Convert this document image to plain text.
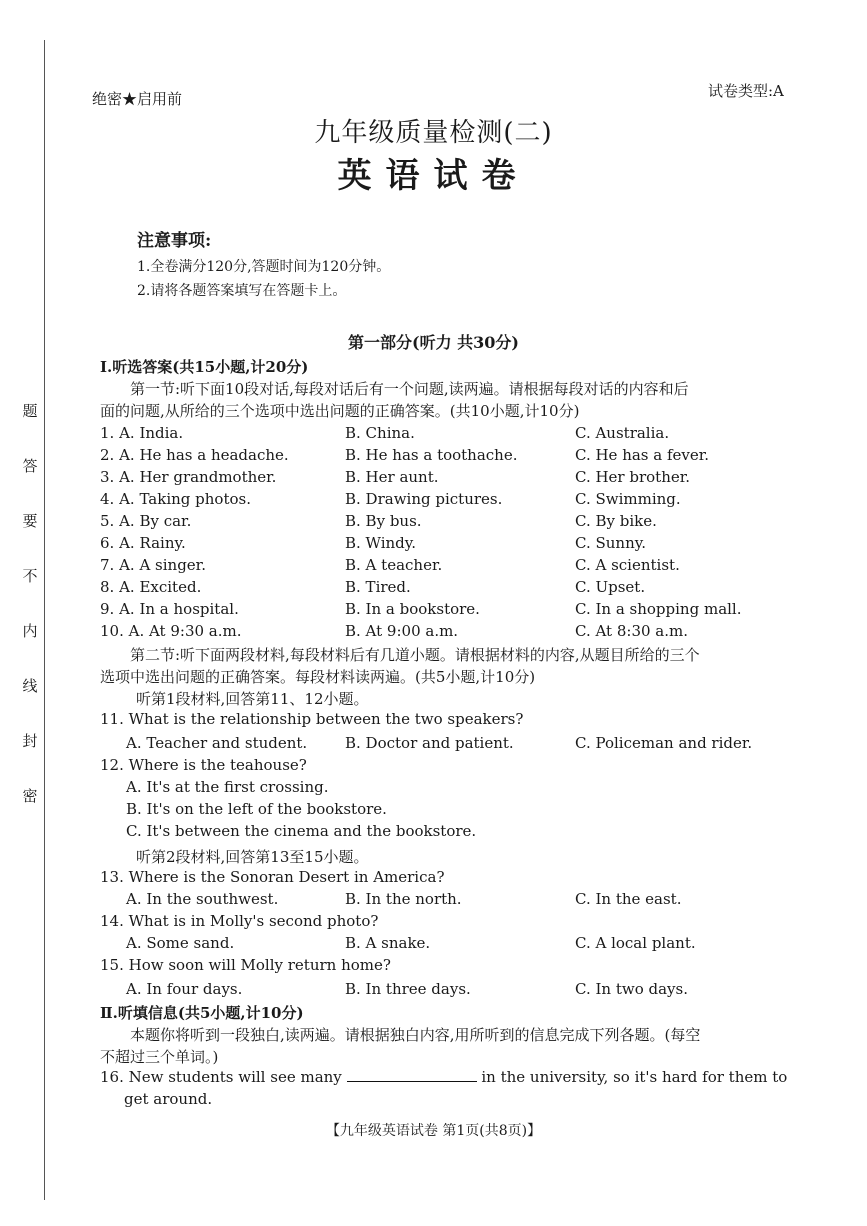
题
答
要
不
内
线
封
密
绝密★启用前	试卷类型:A
九年级质量检测(二)
英语试卷
注意事项:
1.全卷满分120分,答题时间为120分钟。
2.请将各题答案填写在答题卡上。
第一部分(听力 共30分)
Ⅰ.听选答案(共15小题,计20分)
第一节:听下面10段对话,每段对话后有一个问题,读两遍。请根据每段对话的内容和后
面的问题,从所给的三个选项中选出问题的正确答案。(共10小题,计10分)
1. A. India.	B. China.	C. Australia.
2. A. He has a headache.	B. He has a toothache.	C. He has a fever.
3. A. Her grandmother.	B. Her aunt.	C. Her brother.
4. A. Taking photos.	B. Drawing pictures.	C. Swimming.
5. A. By car.	B. By bus.	C. By bike.
6. A. Rainy.	B. Windy.	C. Sunny.
7. A. A singer.	B. A teacher.	C. A scientist.
8. A. Excited.	B. Tired.	C. Upset.
9. A. In a hospital.	B. In a bookstore.	C. In a shopping mall.
10. A. At 9:30 a.m.	B. At 9:00 a.m.	C. At 8:30 a.m.
第二节:听下面两段材料,每段材料后有几道小题。请根据材料的内容,从题目所给的三个
选项中选出问题的正确答案。每段材料读两遍。(共5小题,计10分)
听第1段材料,回答第11、12小题。
11. What is the relationship between the two speakers?
A. Teacher and student.	B. Doctor and patient.	C. Policeman and rider.
12. Where is the teahouse?
A. It's at the first crossing.
B. It's on the left of the bookstore.
C. It's between the cinema and the bookstore.
听第2段材料,回答第13至15小题。
13. Where is the Sonoran Desert in America?
A. In the southwest.	B. In the north.	C. In the east.
14. What is in Molly's second photo?
A. Some sand.	B. A snake.	C. A local plant.
15. How soon will Molly return home?
A. In four days.	B. In three days.	C. In two days.
Ⅱ.听填信息(共5小题,计10分)
本题你将听到一段独白,读两遍。请根据独白内容,用所听到的信息完成下列各题。(每空
不超过三个单词。)
16. New students will see many	in the university, so it's hard for them to
get around.
【九年级英语试卷 第1页(共8页)】
